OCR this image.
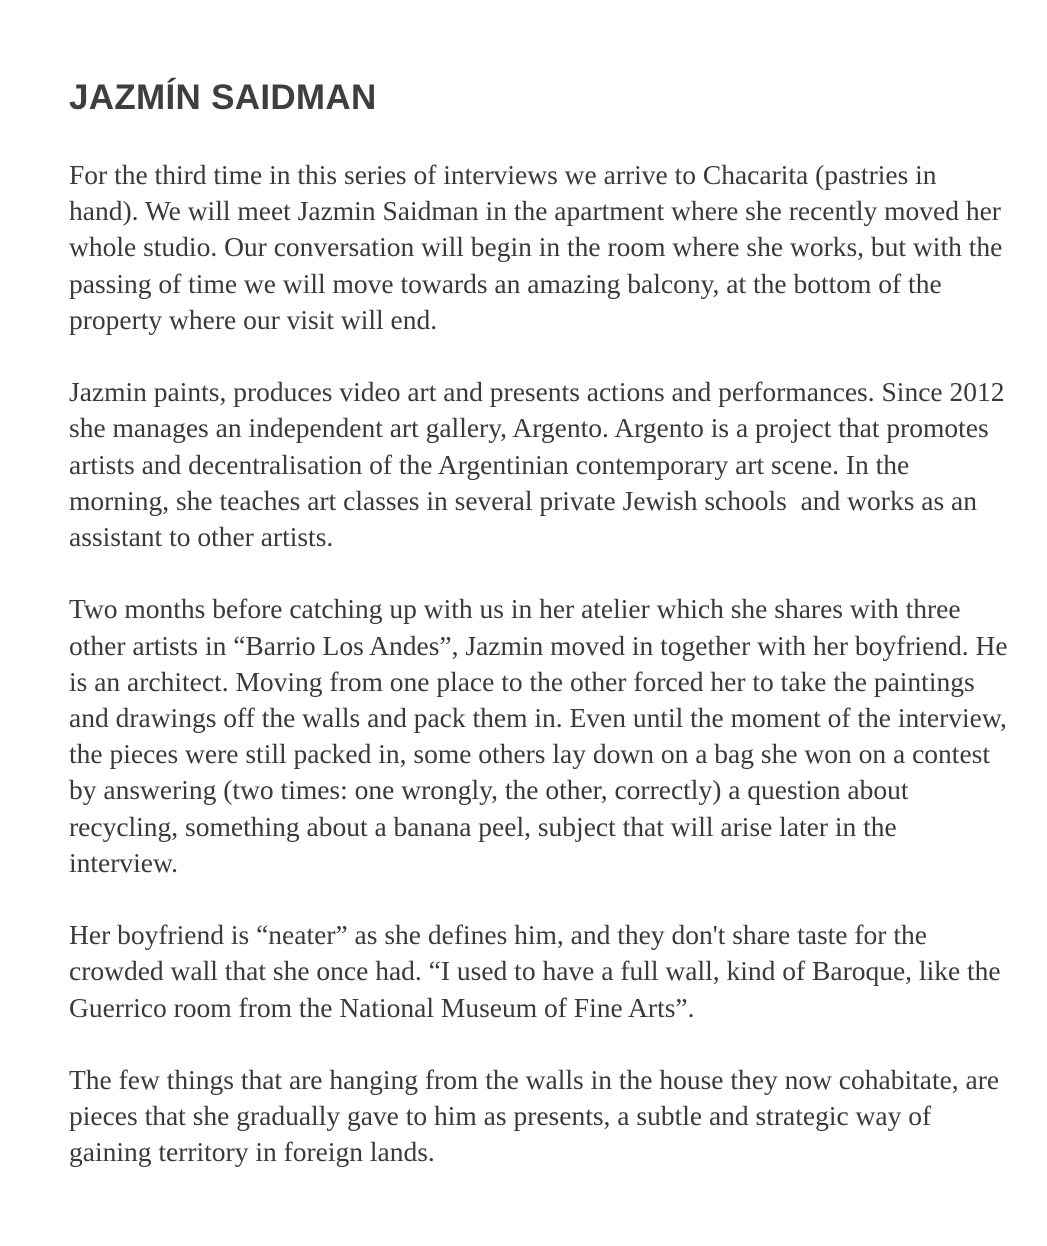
JAZMÍN SAIDMAN

For the third time in this series of interviews we arrive to Chacarita (pastries in hand). We will meet Jazmin Saidman in the apartment where she recently moved her whole studio. Our conversation will begin in the room where she works, but with the passing of time we will move towards an amazing balcony, at the bottom of the property where our visit will end.

Jazmin paints, produces video art and presents actions and performances. Since 2012 she manages an independent art gallery, Argento. Argento is a project that promotes artists and decentralisation of the Argentinian contemporary art scene. In the morning, she teaches art classes in several private Jewish schools  and works as an assistant to other artists.

Two months before catching up with us in her atelier which she shares with three other artists in “Barrio Los Andes”, Jazmin moved in together with her boyfriend. He is an architect. Moving from one place to the other forced her to take the paintings and drawings off the walls and pack them in. Even until the moment of the interview, the pieces were still packed in, some others lay down on a bag she won on a contest by answering (two times: one wrongly, the other, correctly) a question about recycling, something about a banana peel, subject that will arise later in the interview.

Her boyfriend is “neater” as she defines him, and they don't share taste for the crowded wall that she once had. “I used to have a full wall, kind of Baroque, like the Guerrico room from the National Museum of Fine Arts”.

The few things that are hanging from the walls in the house they now cohabitate, are pieces that she gradually gave to him as presents, a subtle and strategic way of gaining territory in foreign lands.
